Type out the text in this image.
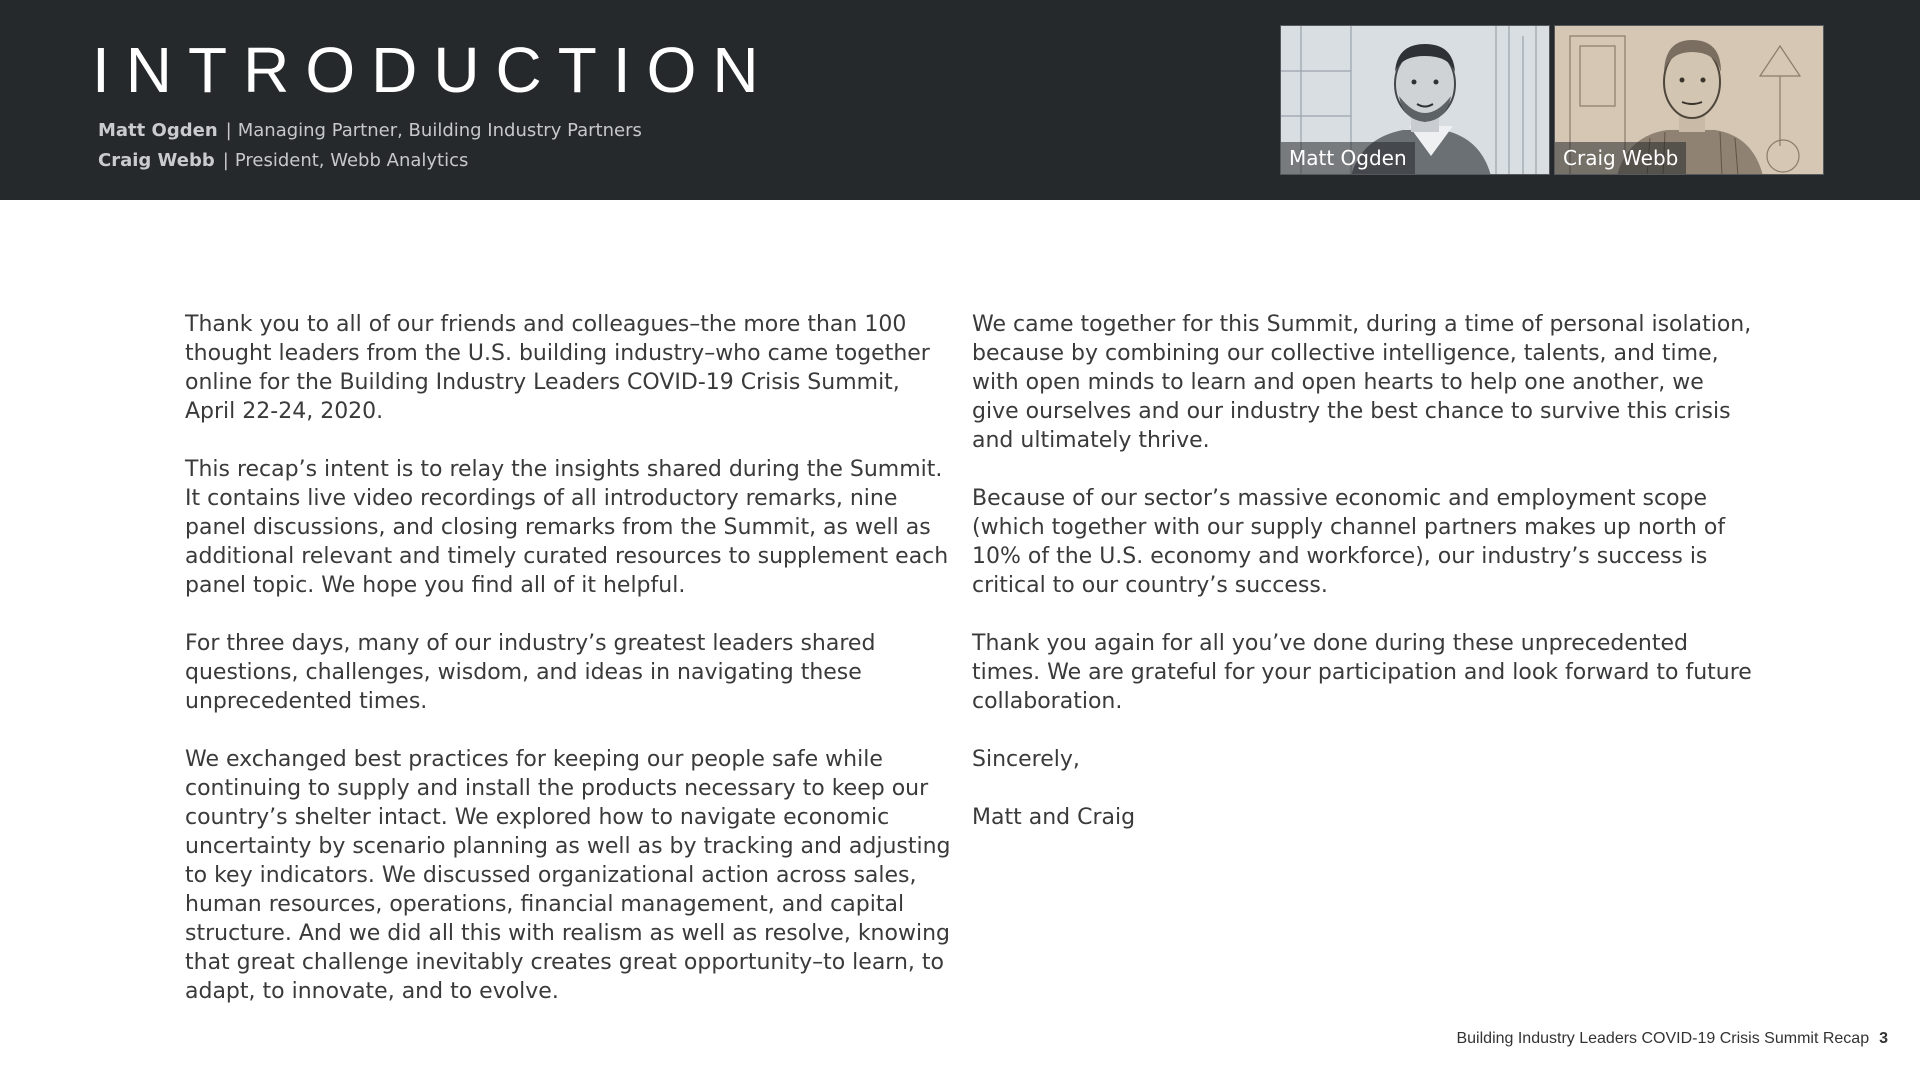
INTRODUCTION
Matt Ogden | Managing Partner, Building Industry Partners
Craig Webb | President, Webb Analytics	Matt Ogden	Craig Webb

Thank you to all of our friends and colleagues–the more than 100 thought leaders from the U.S. building industry–who came together online for the Building Industry Leaders COVID-19 Crisis Summit, April 22-24, 2020.

This recap’s intent is to relay the insights shared during the Summit. It contains live video recordings of all introductory remarks, nine panel discussions, and closing remarks from the Summit, as well as additional relevant and timely curated resources to supplement each panel topic. We hope you find all of it helpful.

For three days, many of our industry’s greatest leaders shared questions, challenges, wisdom, and ideas in navigating these unprecedented times.

We exchanged best practices for keeping our people safe while continuing to supply and install the products necessary to keep our country’s shelter intact. We explored how to navigate economic uncertainty by scenario planning as well as by tracking and adjusting to key indicators. We discussed organizational action across sales, human resources, operations, financial management, and capital structure. And we did all this with realism as well as resolve, knowing that great challenge inevitably creates great opportunity–to learn, to adapt, to innovate, and to evolve.

We came together for this Summit, during a time of personal isolation, because by combining our collective intelligence, talents, and time, with open minds to learn and open hearts to help one another, we give ourselves and our industry the best chance to survive this crisis and ultimately thrive.

Because of our sector’s massive economic and employment scope (which together with our supply channel partners makes up north of 10% of the U.S. economy and workforce), our industry’s success is critical to our country’s success.

Thank you again for all you’ve done during these unprecedented times. We are grateful for your participation and look forward to future collaboration.

Sincerely,

Matt and Craig

Building Industry Leaders COVID-19 Crisis Summit Recap 3
